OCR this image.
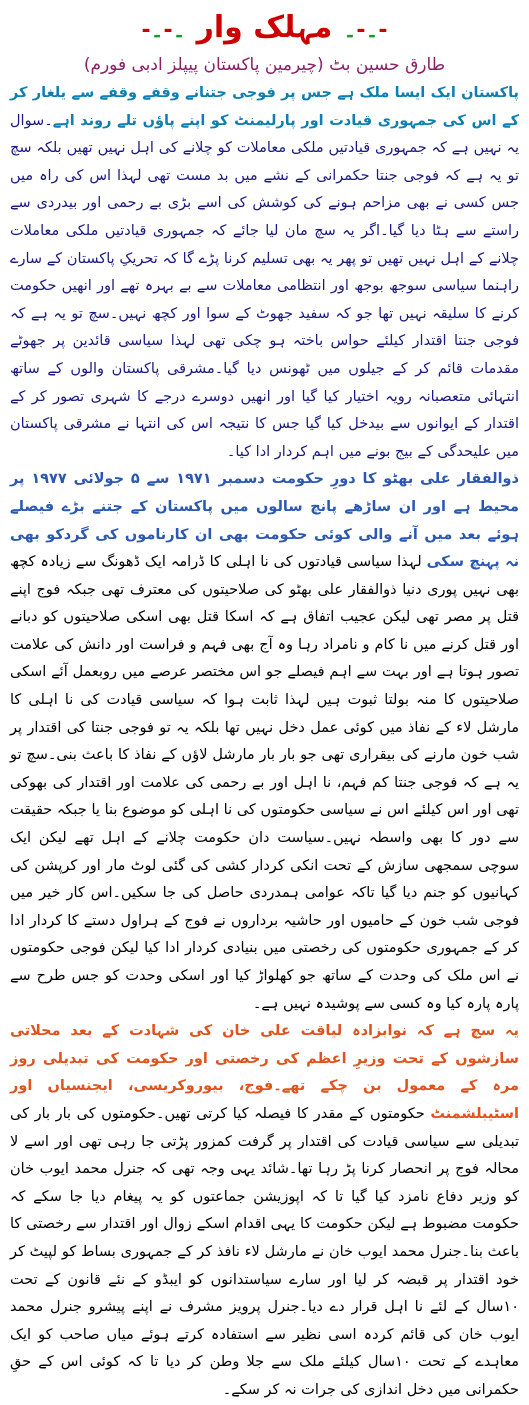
-۔-۔ مہلک وار ۔-۔-
طارق حسین بٹ (چیرمین پاکستان پیپلز ادبی فورم)

پاکستان ایک ایسا ملک ہے جس پر فوجی جتنانے وقفے وقفے سے یلغار کر کے اس کی جمہوری قیادت اور پارلیمنٹ کو اپنے پاؤں تلے روند اہے۔سوال یہ نہیں ہے کہ جمہوری قیادتیں ملکی معاملات کو چلانے کی اہل نہیں تھیں بلکہ سچ تو یہ ہے کہ فوجی جنتا حکمرانی کے نشے میں بد مست تھی لہذا اس کی راہ میں جس کسی نے بھی مزاحم ہونے کی کوشش کی اسے بڑی بے رحمی اور بیدردی سے راستے سے ہٹا دیا گیا۔اگر یہ سچ مان لیا جائے کہ جمہوری قیادتیں ملکی معاملات چلانے کے اہل نہیں تھیں تو پھر یہ بھی تسلیم کرنا پڑے گا کہ تحریکِ پاکستان کے سارے راہنما سیاسی سوجھ بوجھ اور انتظامی معاملات سے بے بہرہ تھے اور انھیں حکومت کرنے کا سلیقہ نہیں تھا جو کہ سفید جھوٹ کے سوا اور کچھ نہیں۔سچ تو یہ ہے کہ فوجی جنتا اقتدار کیلئے حواس باختہ ہو چکی تھی لہذا سیاسی قائدین پر جھوٹے مقدمات قائم کر کے جیلوں میں ٹھونس دیا گیا۔مشرقی پاکستان والوں کے ساتھ انتہائی متعصبانہ رویہ اختیار کیا گیا اور انھیں دوسرے درجے کا شہری تصور کر کے اقتدار کے ایوانوں سے بیدخل کیا گیا جس کا نتیجہ اس کی انتہا نے مشرقی پاکستان میں علیحدگی کے بیج بونے میں اہم کردار ادا کیا۔

ذوالفقار علی بھٹو کا دورِ حکومت دسمبر ۱۹۷۱ سے ۵ جولائی ۱۹۷۷ پر محیط ہے اور ان ساڑھے پانچ سالوں میں پاکستان کے جتنے بڑے فیصلے ہوئے بعد میں آنے والی کوئی حکومت بھی ان کارناموں کی گردکو بھی نہ پہنچ سکی لہذا سیاسی قیادتوں کی نا اہلی کا ڈرامہ ایک ڈھونگ سے زیادہ کچھ بھی نہیں پوری دنیا ذوالفقار علی بھٹو کی صلاحیتوں کی معترف تھی جبکہ فوج اپنے قتل پر مصر تھی لیکن عجیب اتفاق ہے کہ اسکا قتل بھی اسکی صلاحیتوں کو دبانے اور قتل کرنے میں نا کام و نامراد رہا وہ آج بھی فہم و فراست اور دانش کی علامت تصور ہوتا ہے اور بہت سے اہم فیصلے جو اس مختصر عرصے میں روبعمل آئے اسکی صلاحیتوں کا منہ بولتا ثبوت ہیں لہذا ثابت ہوا کہ سیاسی قیادت کی نا اہلی کا مارشل لاء کے نفاذ میں کوئی عمل دخل نہیں تھا بلکہ یہ تو فوجی جنتا کی اقتدار پر شب خون مارنے کی بیقراری تھی جو بار بار مارشل لاؤں کے نفاذ کا باعث بنی۔سچ تو یہ ہے کہ فوجی جنتا کم فہم، نا اہل اور بے رحمی کی علامت اور اقتدار کی بھوکی تھی اور اس کیلئے اس نے سیاسی حکومتوں کی نا اہلی کو موضوع بنا یا جبکہ حقیقت سے دور کا بھی واسطہ نہیں۔سیاست دان حکومت چلانے کے اہل تھے لیکن ایک سوچی سمجھی سازش کے تحت انکی کردار کشی کی گئی لوٹ مار اور کرپشن کی کہانیوں کو جنم دیا گیا تاکہ عوامی ہمدردی حاصل کی جا سکیں۔اس کار خیر میں فوجی شب خون کے حامیوں اور حاشیہ برداروں نے فوج کے ہراول دستے کا کردار ادا کر کے جمہوری حکومتوں کی رخصتی میں بنیادی کردار ادا کیا لیکن فوجی حکومتوں نے اس ملک کی وحدت کے ساتھ جو کھلواڑ کیا اور اسکی وحدت کو جس طرح سے پارہ پارہ کیا وہ کسی سے پوشیدہ نہیں ہے۔

یہ سچ ہے کہ نوابزادہ لیاقت علی خان کی شہادت کے بعد محلاتی سازشوں کے تحت وزیرِ اعظم کی رخصتی اور حکومت کی تبدیلی روز مرہ کے معمول بن چکے تھے۔فوج، بیوروکریسی، ایجنسیاں اور اسٹیبلشمنٹ حکومتوں کے مقدر کا فیصلہ کیا کرتی تھیں۔حکومتوں کی بار بار کی تبدیلی سے سیاسی قیادت کی اقتدار پر گرفت کمزور پڑتی جا رہی تھی اور اسے لا محالہ فوج پر انحصار کرنا پڑ رہا تھا۔شائد یہی وجہ تھی کہ جنرل محمد ایوب خان کو وزیر دفاع نامزد کیا گیا تا کہ اپوزیشن جماعتوں کو یہ پیغام دیا جا سکے کہ حکومت مضبوط ہے لیکن حکومت کا یہی اقدام اسکے زوال اور اقتدار سے رخصتی کا باعث بنا۔جنرل محمد ایوب خان نے مارشل لاء نافذ کر کے جمہوری بساط کو لپیٹ کر خود اقتدار پر قبضہ کر لیا اور سارے سیاستدانوں کو ایبڈو کے نئے قانون کے تحت ۱۰سال کے لئے نا اہل قرار دے دیا۔جنرل پرویز مشرف نے اپنے پیشرو جنرل محمد ایوب خان کی قائم کردہ اسی نظیر سے استفادہ کرتے ہوئے میاں صاحب کو ایک معاہدے کے تحت ۱۰سال کیلئے ملک سے جلا وطن کر دیا تا کہ کوئی اس کے حقِ حکمرانی میں دخل اندازی کی جرات نہ کر سکے۔
